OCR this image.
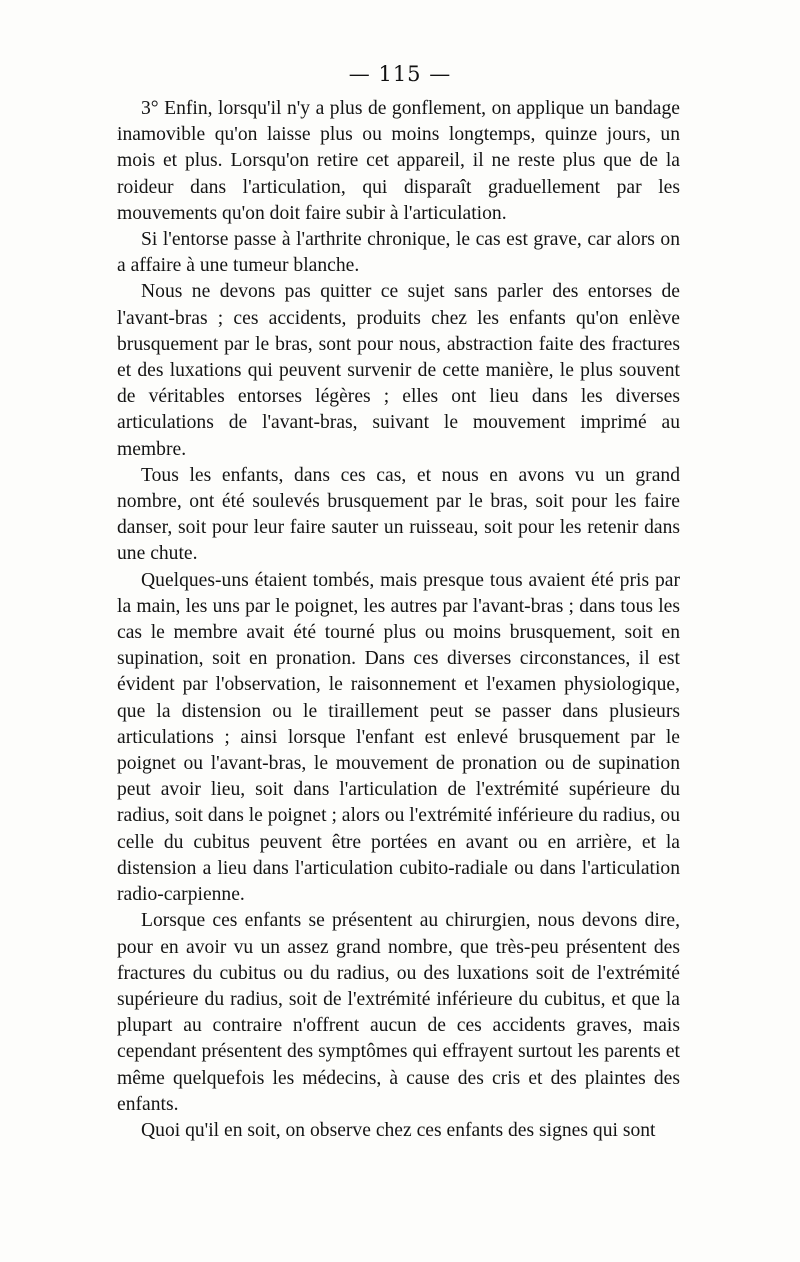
— 115 —

3° Enfin, lorsqu'il n'y a plus de gonflement, on applique un bandage inamovible qu'on laisse plus ou moins longtemps, quinze jours, un mois et plus. Lorsqu'on retire cet appareil, il ne reste plus que de la roideur dans l'articulation, qui disparaît graduellement par les mouvements qu'on doit faire subir à l'articulation.

Si l'entorse passe à l'arthrite chronique, le cas est grave, car alors on a affaire à une tumeur blanche.

Nous ne devons pas quitter ce sujet sans parler des entorses de l'avant-bras ; ces accidents, produits chez les enfants qu'on enlève brusquement par le bras, sont pour nous, abstraction faite des fractures et des luxations qui peuvent survenir de cette manière, le plus souvent de véritables entorses légères ; elles ont lieu dans les diverses articulations de l'avant-bras, suivant le mouvement imprimé au membre.

Tous les enfants, dans ces cas, et nous en avons vu un grand nombre, ont été soulevés brusquement par le bras, soit pour les faire danser, soit pour leur faire sauter un ruisseau, soit pour les retenir dans une chute.

Quelques-uns étaient tombés, mais presque tous avaient été pris par la main, les uns par le poignet, les autres par l'avant-bras ; dans tous les cas le membre avait été tourné plus ou moins brusquement, soit en supination, soit en pronation. Dans ces diverses circonstances, il est évident par l'observation, le raisonnement et l'examen physiologique, que la distension ou le tiraillement peut se passer dans plusieurs articulations ; ainsi lorsque l'enfant est enlevé brusquement par le poignet ou l'avant-bras, le mouvement de pronation ou de supination peut avoir lieu, soit dans l'articulation de l'extrémité supérieure du radius, soit dans le poignet ; alors ou l'extrémité inférieure du radius, ou celle du cubitus peuvent être portées en avant ou en arrière, et la distension a lieu dans l'articulation cubito-radiale ou dans l'articulation radio-carpienne.

Lorsque ces enfants se présentent au chirurgien, nous devons dire, pour en avoir vu un assez grand nombre, que très-peu présentent des fractures du cubitus ou du radius, ou des luxations soit de l'extrémité supérieure du radius, soit de l'extrémité inférieure du cubitus, et que la plupart au contraire n'offrent aucun de ces accidents graves, mais cependant présentent des symptômes qui effrayent surtout les parents et même quelquefois les médecins, à cause des cris et des plaintes des enfants.

Quoi qu'il en soit, on observe chez ces enfants des signes qui sont
